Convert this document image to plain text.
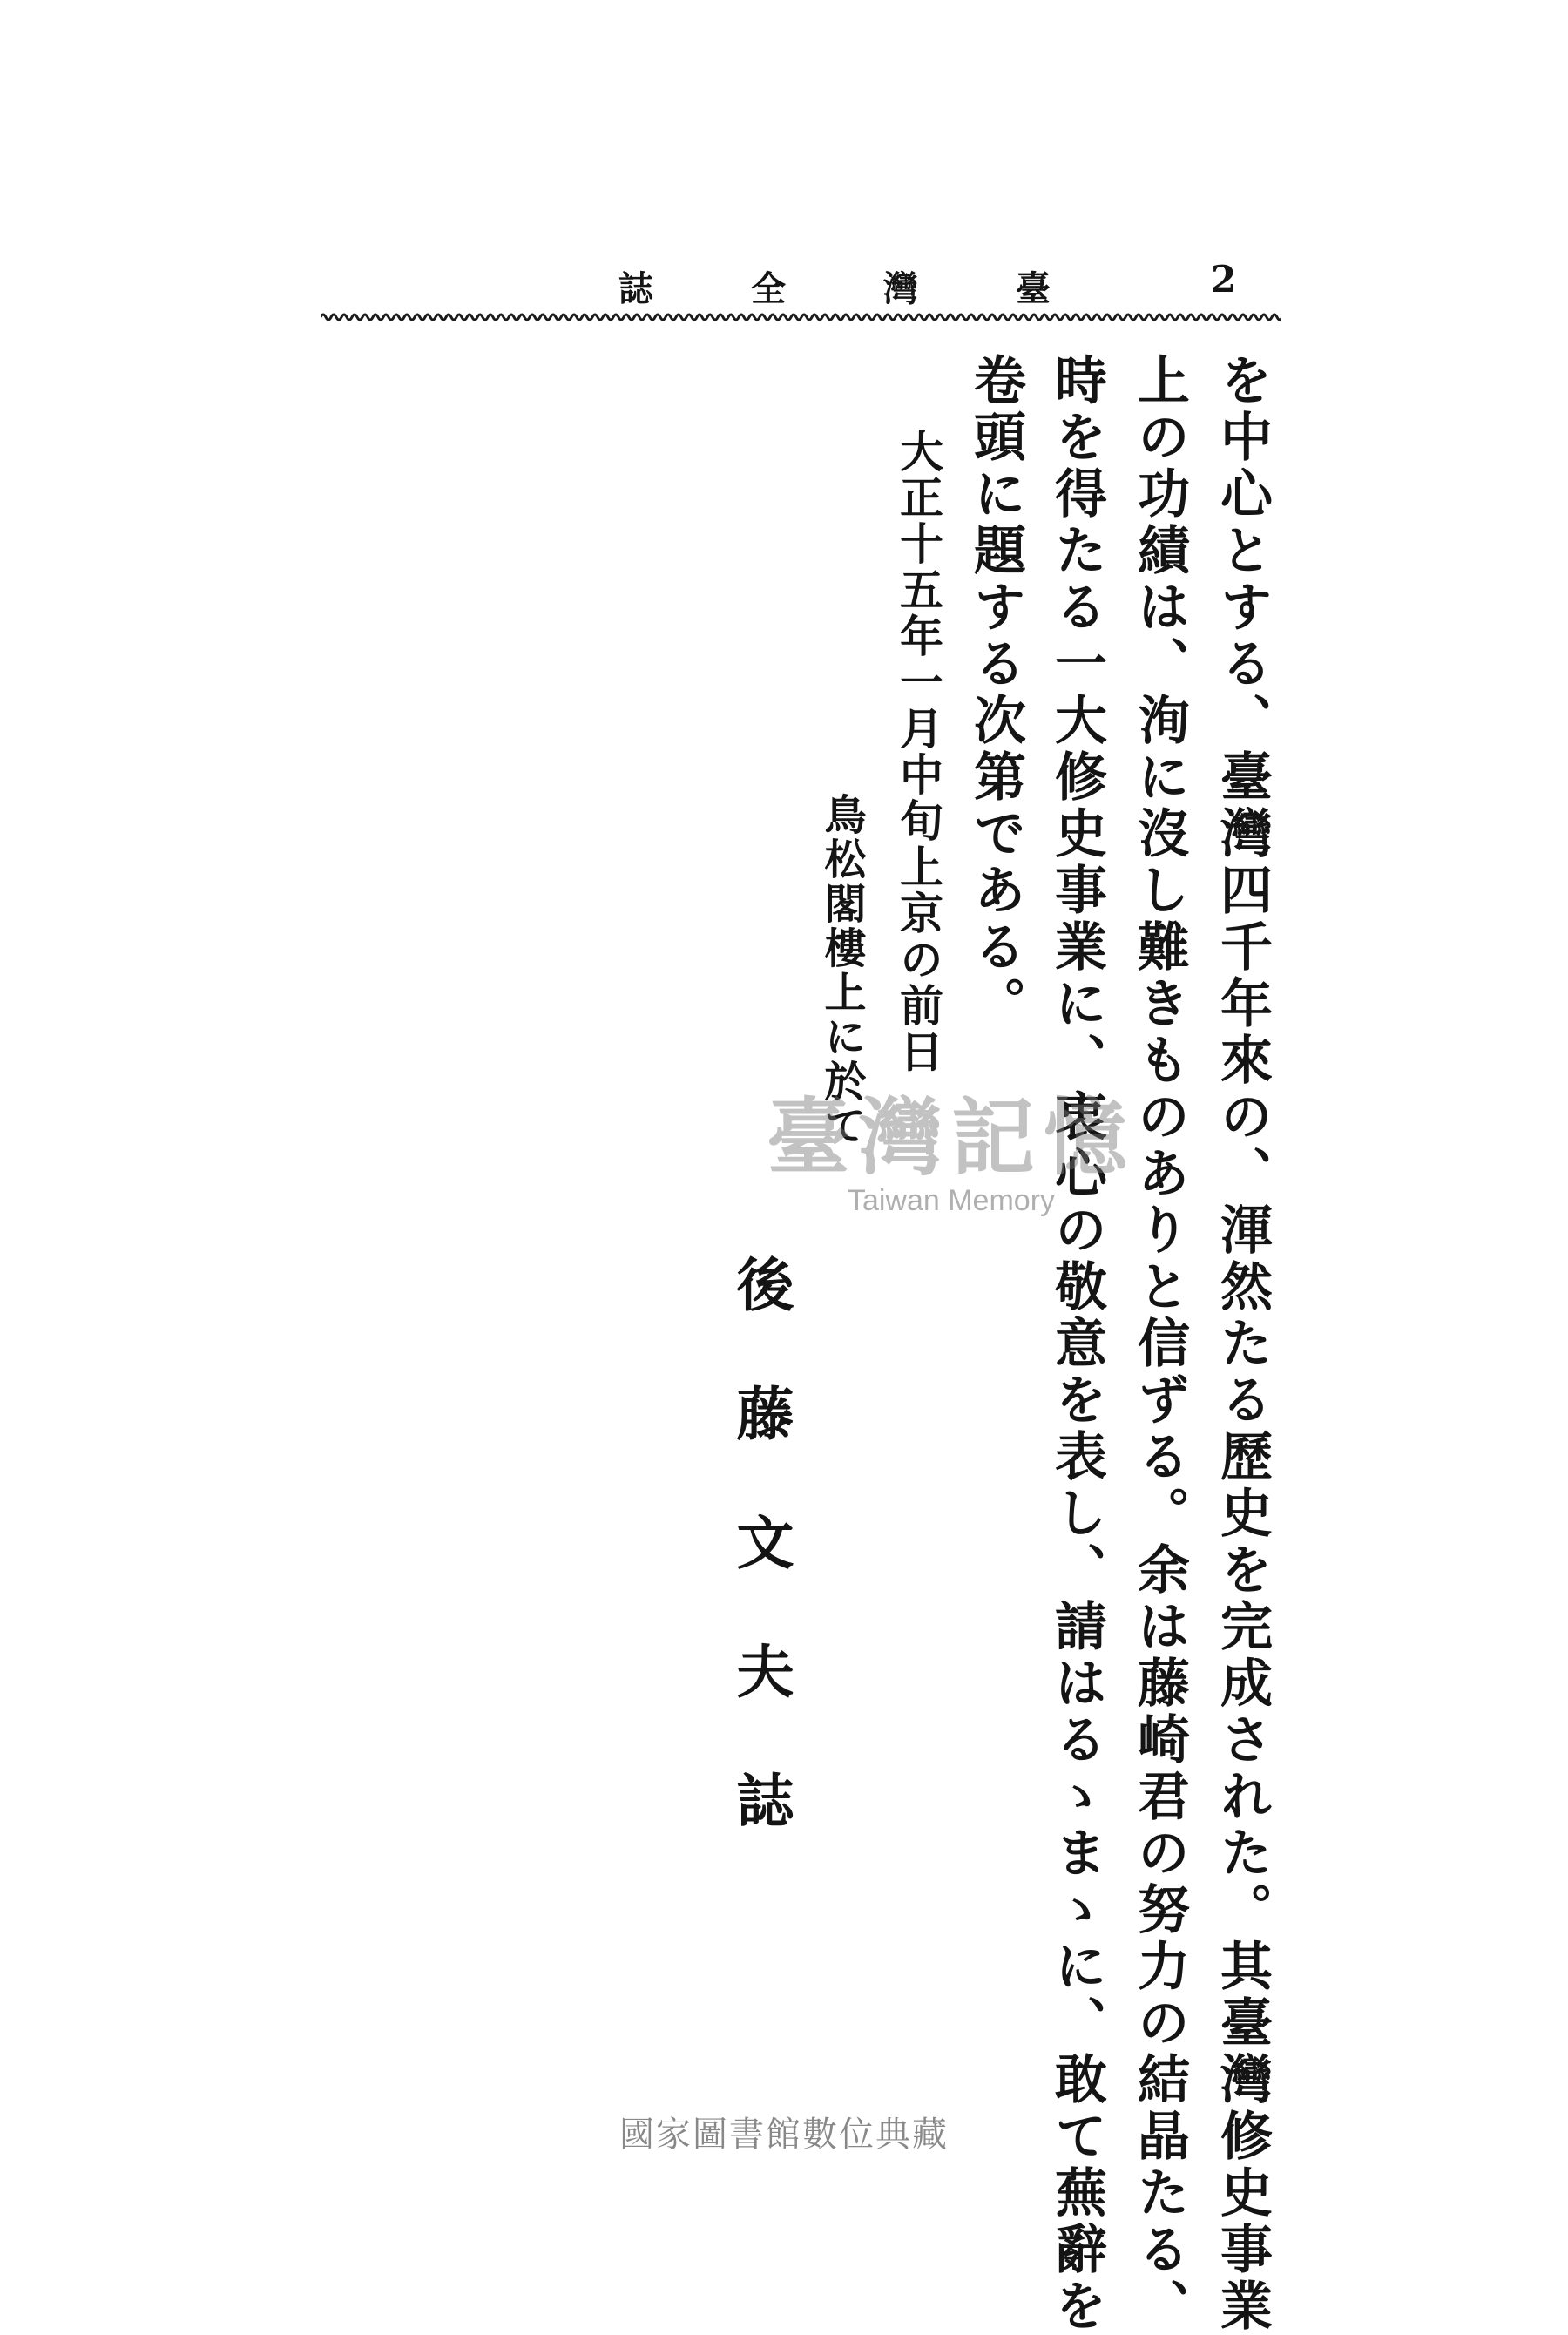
誌全灣臺 2
を中心とする、臺灣四千年來の、渾然たる歷史を完成された。其臺灣修史事業
上の功績は、洵に沒し難きものありと信ずる。余は藤崎君の努力の結晶たる、
時を得たる一大修史事業に、衷心の敬意を表し、請はるゝまゝに、敢て蕪辭を
卷頭に題する次第である。
大正十五年一月中旬上京の前日
鳥松閣樓上に於て
後藤文夫誌
臺灣記憶
Taiwan Memory
國家圖書館數位典藏
